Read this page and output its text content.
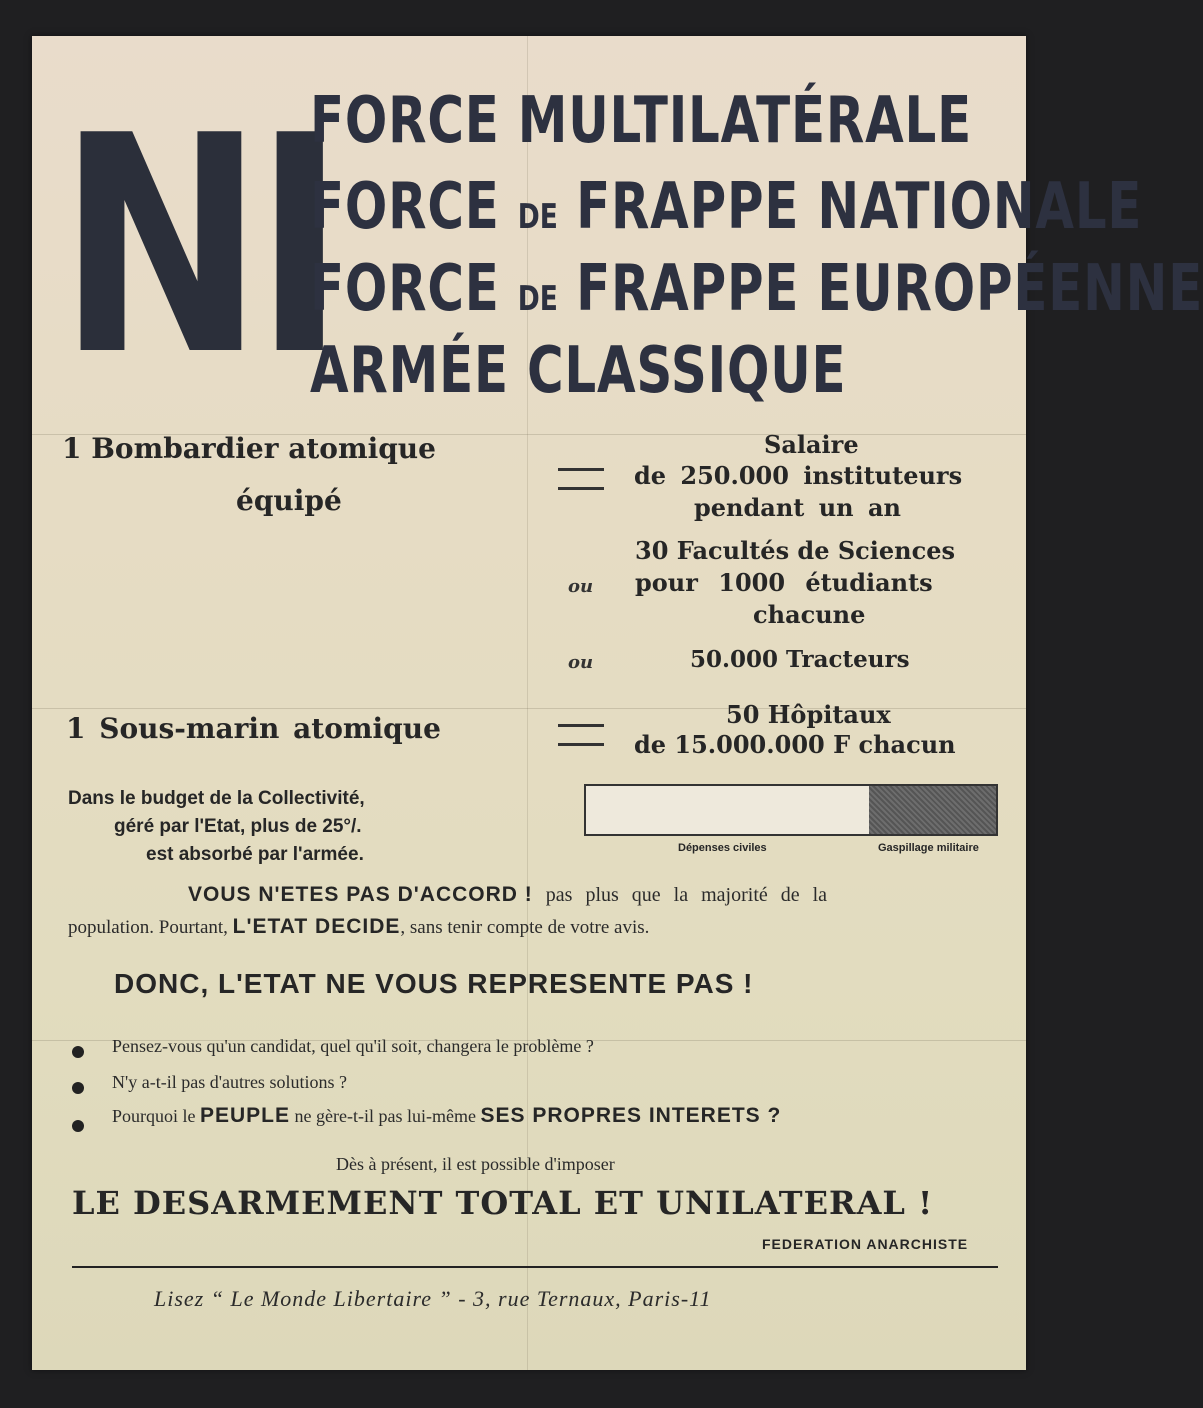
NI
FORCE MULTILATÉRALE
FORCE DE FRAPPE NATIONALE
FORCE DE FRAPPE EUROPÉENNE
ARMÉE CLASSIQUE
1 Bombardier atomique
équipé
Salaire
de 250.000 instituteurs
pendant un an
ou
30 Facultés de Sciences
pour 1000 étudiants
chacune
ou	50.000 Tracteurs
1 Sous-marin atomique	50 Hôpitaux
de 15.000.000 F chacun
Dans le budget de la Collectivité,
géré par l'Etat, plus de 25°/.
est absorbé par l'armée.	Dépenses civiles	Gaspillage militaire
VOUS N'ETES PAS D'ACCORD ! pas plus que la majorité de la
population. Pourtant, L'ETAT DECIDE, sans tenir compte de votre avis.
DONC, L'ETAT NE VOUS REPRESENTE PAS !
Pensez-vous qu'un candidat, quel qu'il soit, changera le problème ?
N'y a-t-il pas d'autres solutions ?
Pourquoi le PEUPLE ne gère-t-il pas lui-même SES PROPRES INTERETS ?
Dès à présent, il est possible d'imposer
LE DESARMEMENT TOTAL ET UNILATERAL !
FEDERATION ANARCHISTE
Lisez “ Le Monde Libertaire ” - 3, rue Ternaux, Paris-11
